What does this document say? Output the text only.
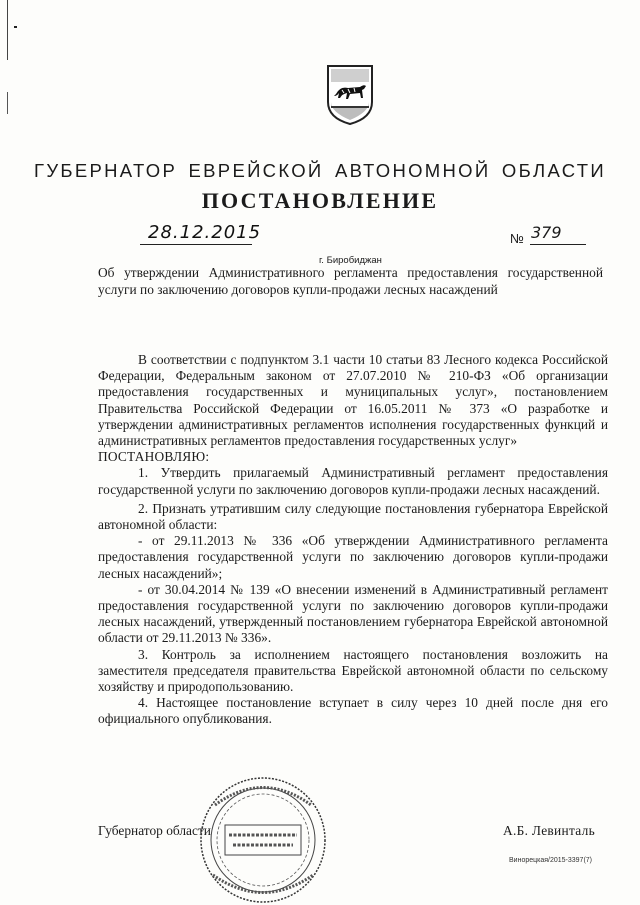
ГУБЕРНАТОР ЕВРЕЙСКОЙ АВТОНОМНОЙ ОБЛАСТИ
ПОСТАНОВЛЕНИЕ
28.12.2015	№ 379
г. Биробиджан
Об утверждении Административного регламента предоставления государственной услуги по заключению договоров купли-продажи лесных насаждений

В соответствии с подпунктом 3.1 части 10 статьи 83 Лесного кодекса Российской Федерации, Федеральным законом от 27.07.2010 № 210-ФЗ «Об организации предоставления государственных и муниципальных услуг», постановлением Правительства Российской Федерации от 16.05.2011 № 373 «О разработке и утверждении административных регламентов исполнения государственных функций и административных регламентов предоставления государственных услуг»

ПОСТАНОВЛЯЮ:

1. Утвердить прилагаемый Административный регламент предоставления государственной услуги по заключению договоров купли-продажи лесных насаждений.

2. Признать утратившим силу следующие постановления губернатора Еврейской автономной области:

- от 29.11.2013 № 336 «Об утверждении Административного регламента предоставления государственной услуги по заключению договоров купли-продажи лесных насаждений»;

- от 30.04.2014 № 139 «О внесении изменений в Административный регламент предоставления государственной услуги по заключению договоров купли-продажи лесных насаждений, утвержденный постановлением губернатора Еврейской автономной области от 29.11.2013 № 336».

3. Контроль за исполнением настоящего постановления возложить на заместителя председателя правительства Еврейской автономной области по сельскому хозяйству и природопользованию.

4. Настоящее постановление вступает в силу через 10 дней после дня его официального опубликования.

Губернатор области	А.Б. Левинталь
Винорецкая/2015-3397(7)
